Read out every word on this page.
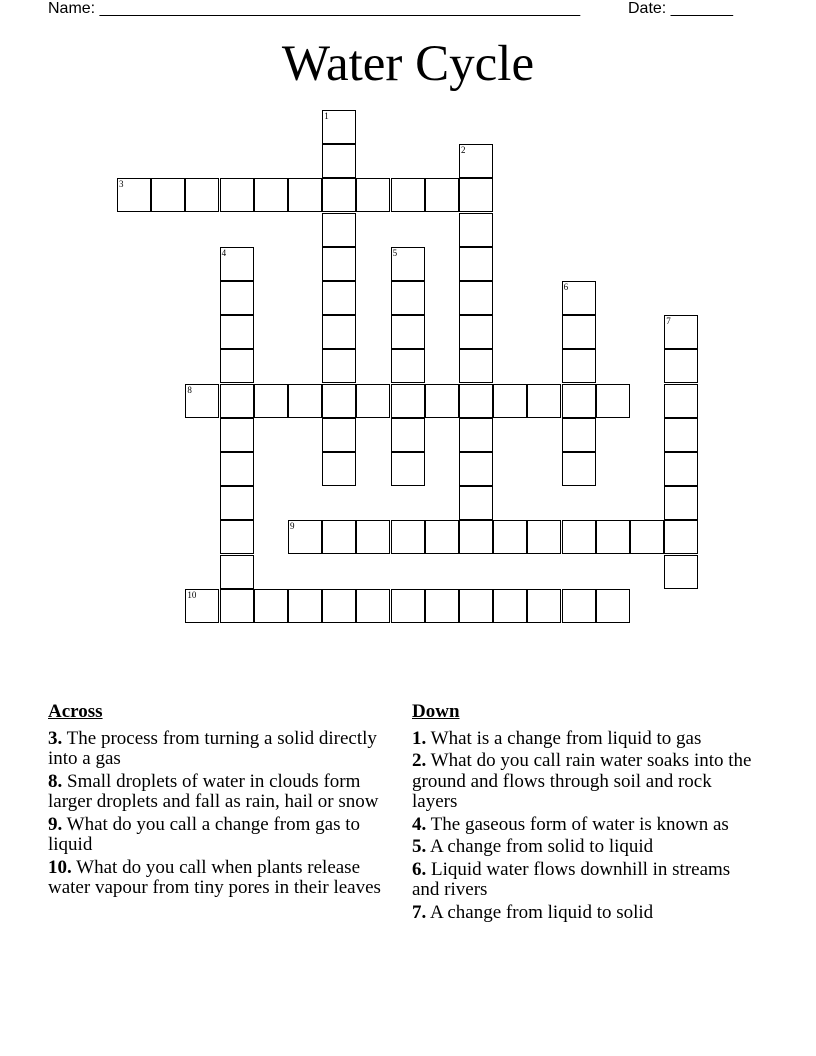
Name: ______________________________________________________	Date: _______
Water Cycle
1
2
3
4	5
6
7
8
9
10
Across
3. The process from turning a solid directly into a gas
8. Small droplets of water in clouds form larger droplets and fall as rain, hail or snow
9. What do you call a change from gas to liquid
10. What do you call when plants release water vapour from tiny pores in their leaves
Down
1. What is a change from liquid to gas
2. What do you call rain water soaks into the ground and flows through soil and rock layers
4. The gaseous form of water is known as
5. A change from solid to liquid
6. Liquid water flows downhill in streams and rivers
7. A change from liquid to solid
